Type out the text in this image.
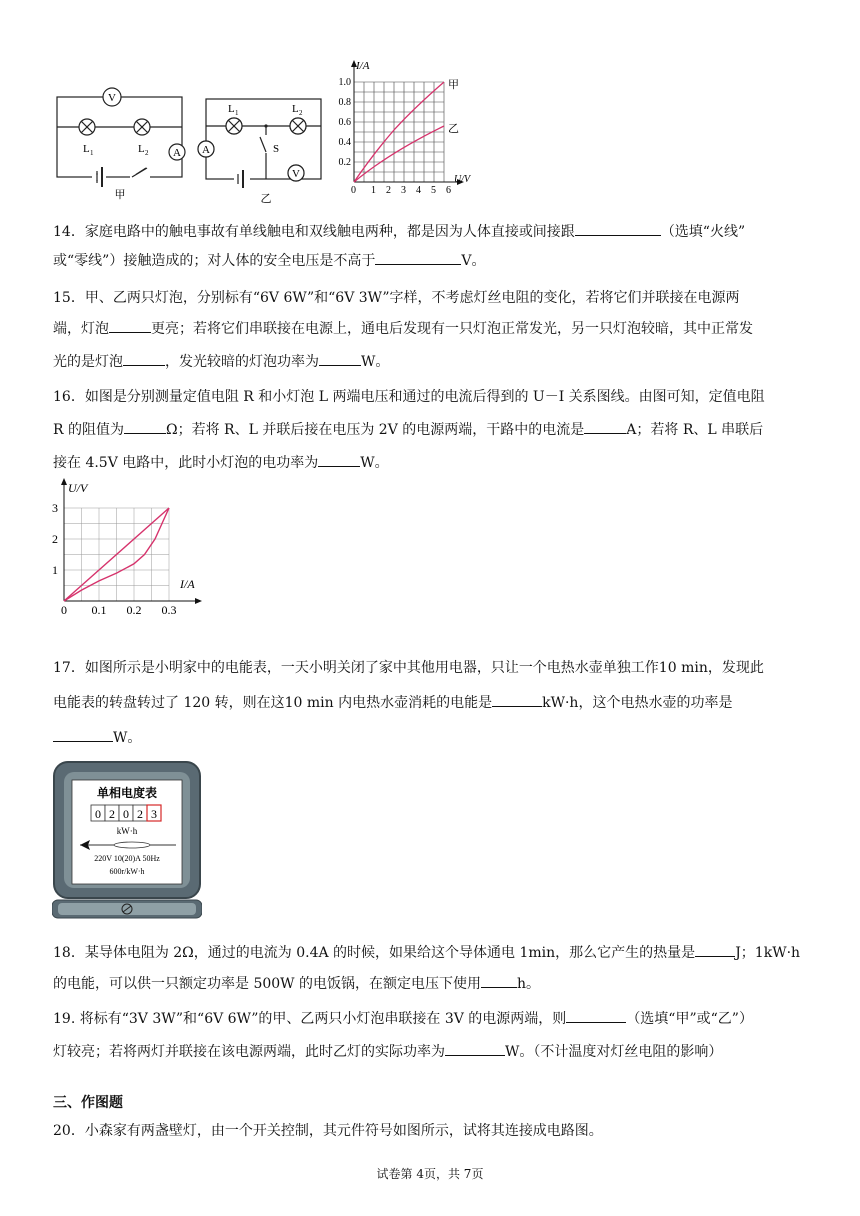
V
A
L 1	L 2
甲
A
V
L 1	L 2
S
乙
I/A
U/V
1.0
0.8
0.6
0.4
0.2
0 1 2 3 4 5 6
甲
乙
14．家庭电路中的触电事故有单线触电和双线触电两种，都是因为人体直接或间接跟	（选填“火线”
或“零线”）接触造成的；对人体的安全电压是不高于	V。
15．甲、乙两只灯泡，分别标有“6V 6W”和“6V 3W”字样，不考虑灯丝电阻的变化，若将它们并联接在电源两
端，灯泡	更亮；若将它们串联接在电源上，通电后发现有一只灯泡正常发光，另一只灯泡较暗，其中正常发
光的是灯泡	，发光较暗的灯泡功率为	W。
16．如图是分别测量定值电阻 R 和小灯泡 L 两端电压和通过的电流后得到的 U－I 关系图线。由图可知，定值电阻
R 的阻值为	Ω；若将 R、L 并联后接在电压为 2V 的电源两端，干路中的电流是	A；若将 R、L 串联后
接在 4.5V 电路中，此时小灯泡的电功率为	W。
U/V
I/A
0 0.1 0.2 0.3
1
2
3
17．如图所示是小明家中的电能表，一天小明关闭了家中其他用电器，只让一个电热水壶单独工作10 min，发现此
电能表的转盘转过了 120 转，则在这10 min 内电热水壶消耗的电能是	kW·h，这个电热水壶的功率是
W。
单相电度表
0 2 0 2 3
kW·h
220V 10(20)A 50Hz
600r/kW·h
18．某导体电阻为 2Ω，通过的电流为 0.4A 的时候，如果给这个导体通电 1min，那么它产生的热量是	J；1kW·h
的电能，可以供一只额定功率是 500W 的电饭锅，在额定电压下使用	h。
19. 将标有“3V 3W”和“6V 6W”的甲、乙两只小灯泡串联接在 3V 的电源两端，则	（选填“甲”或“乙”）
灯较亮；若将两灯并联接在该电源两端，此时乙灯的实际功率为	W。（不计温度对灯丝电阻的影响）
三、作图题
20．小森家有两盏壁灯，由一个开关控制，其元件符号如图所示，试将其连接成电路图。
试卷第 4页，共 7页
